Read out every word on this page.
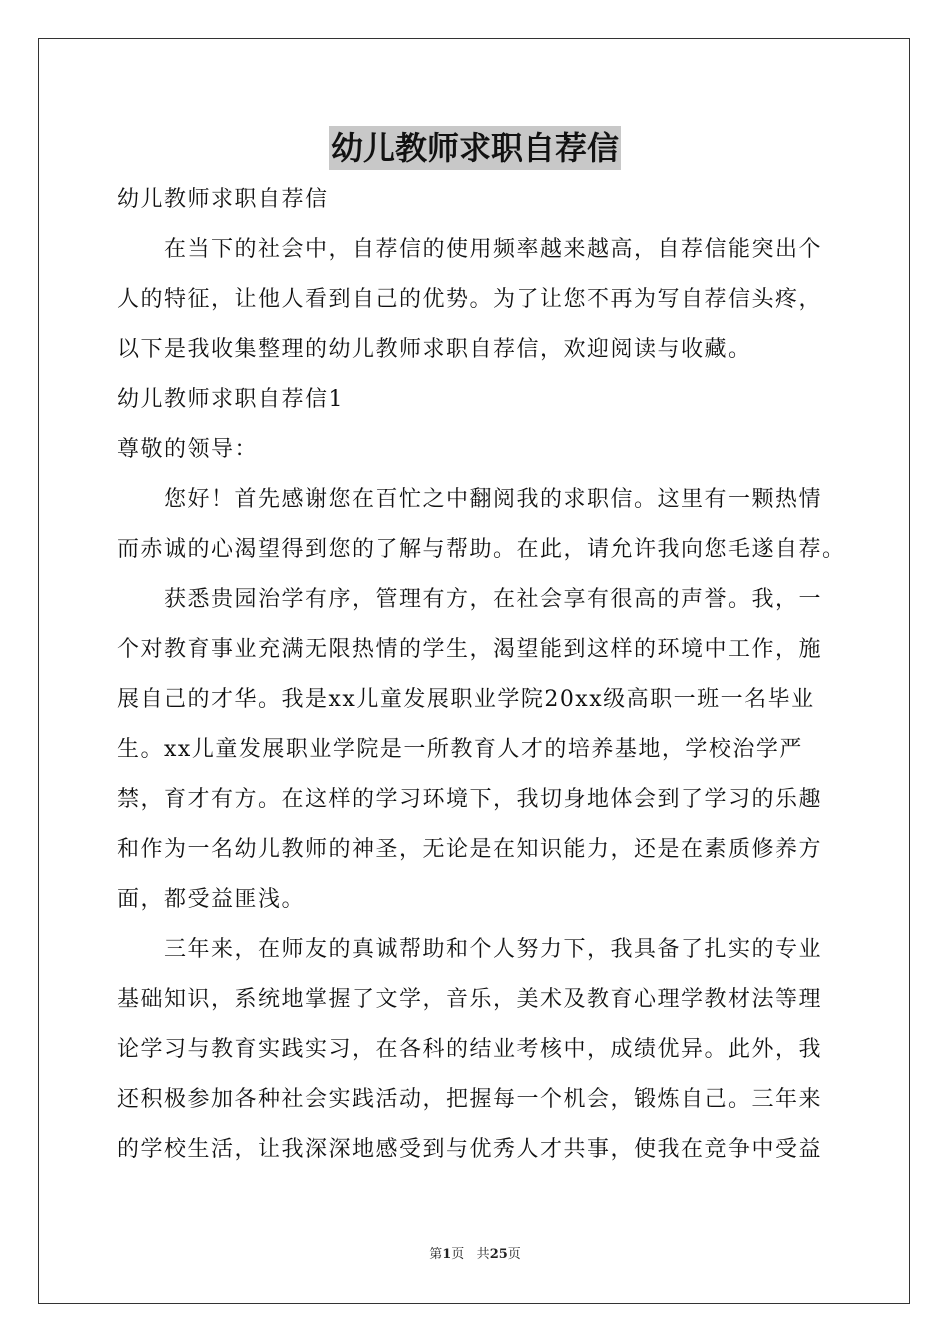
幼儿教师求职自荐信
幼儿教师求职自荐信
在当下的社会中，自荐信的使用频率越来越高，自荐信能突出个
人的特征，让他人看到自己的优势。为了让您不再为写自荐信头疼，
以下是我收集整理的幼儿教师求职自荐信，欢迎阅读与收藏。
幼儿教师求职自荐信1
尊敬的领导：
您好！首先感谢您在百忙之中翻阅我的求职信。这里有一颗热情
而赤诚的心渴望得到您的了解与帮助。在此，请允许我向您毛遂自荐。
获悉贵园治学有序，管理有方，在社会享有很高的声誉。我，一
个对教育事业充满无限热情的学生，渴望能到这样的环境中工作，施
展自己的才华。我是xx儿童发展职业学院20xx级高职一班一名毕业
生。xx儿童发展职业学院是一所教育人才的培养基地，学校治学严
禁，育才有方。在这样的学习环境下，我切身地体会到了学习的乐趣
和作为一名幼儿教师的神圣，无论是在知识能力，还是在素质修养方
面，都受益匪浅。
三年来，在师友的真诚帮助和个人努力下，我具备了扎实的专业
基础知识，系统地掌握了文学，音乐，美术及教育心理学教材法等理
论学习与教育实践实习，在各科的结业考核中，成绩优异。此外，我
还积极参加各种社会实践活动，把握每一个机会，锻炼自己。三年来
的学校生活，让我深深地感受到与优秀人才共事，使我在竞争中受益
第1页 共25页
